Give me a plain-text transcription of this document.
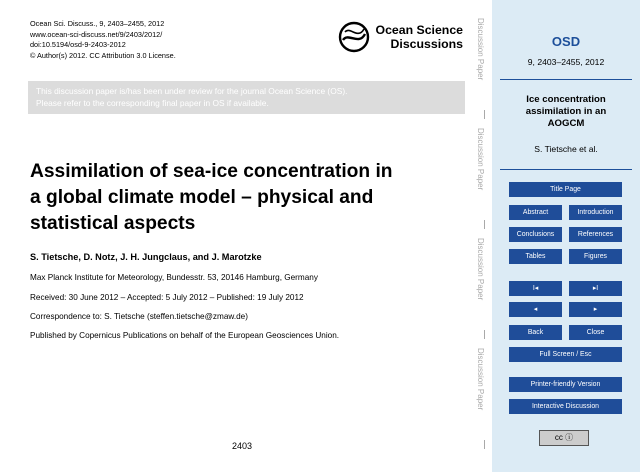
Ocean Sci. Discuss., 9, 2403–2455, 2012
www.ocean-sci-discuss.net/9/2403/2012/
doi:10.5194/osd-9-2403-2012
© Author(s) 2012. CC Attribution 3.0 License.
Ocean Science
Discussions
This discussion paper is/has been under review for the journal Ocean Science (OS).
Please refer to the corresponding final paper in OS if available.
Assimilation of sea-ice concentration in
a global climate model – physical and
statistical aspects
S. Tietsche, D. Notz, J. H. Jungclaus, and J. Marotzke
Max Planck Institute for Meteorology, Bundesstr. 53, 20146 Hamburg, Germany
Received: 30 June 2012 – Accepted: 5 July 2012 – Published: 19 July 2012
Correspondence to: S. Tietsche (steffen.tietsche@zmaw.de)
Published by Copernicus Publications on behalf of the European Geosciences Union.
2403
Discussion Paper
Discussion Paper
Discussion Paper
Discussion Paper
OSD
9, 2403–2455, 2012
Ice concentration
assimilation in an
AOGCM
S. Tietsche et al.
Title Page
Abstract	Introduction
Conclusions	References
Tables	Figures
I◂	▸I
◂	▸
Back	Close
Full Screen / Esc
Printer-friendly Version
Interactive Discussion
cc ⓘ
